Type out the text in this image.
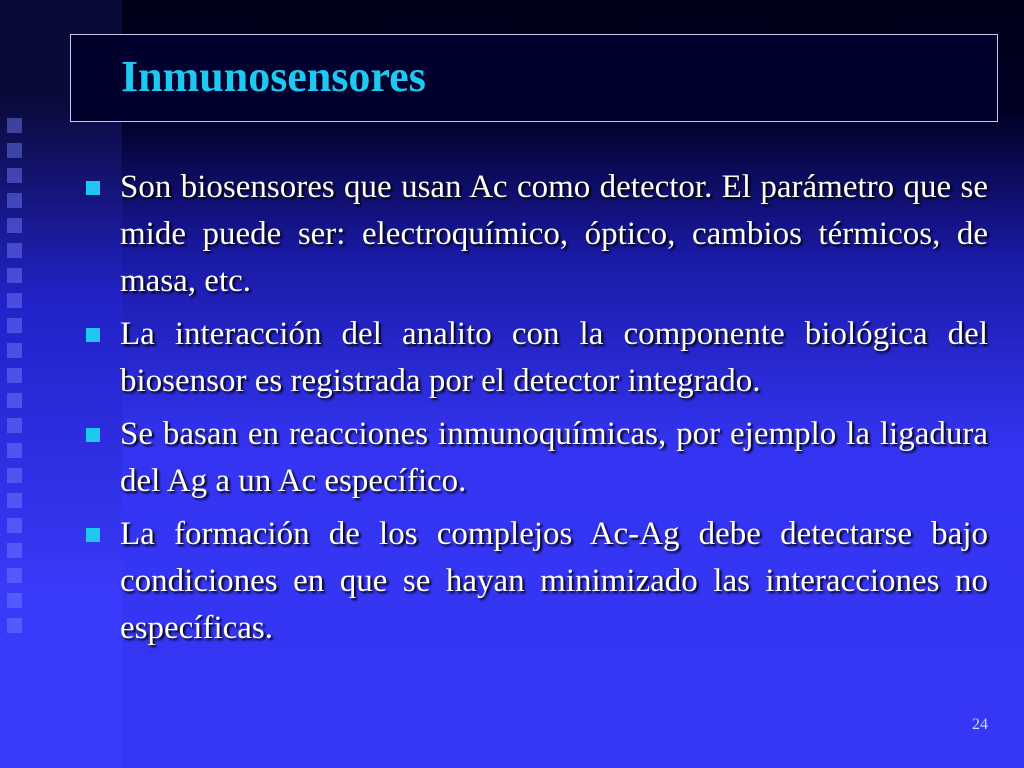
Inmunosensores
Son biosensores que usan Ac como detector. El parámetro que se mide puede ser: electroquímico, óptico, cambios térmicos, de masa, etc.
La interacción del analito con la componente biológica del biosensor es registrada por el detector integrado.
Se basan en reacciones inmunoquímicas, por ejemplo la ligadura del Ag a un Ac específico.
La formación de los complejos Ac-Ag debe detectarse bajo condiciones en que se hayan minimizado las interacciones no específicas.
24
